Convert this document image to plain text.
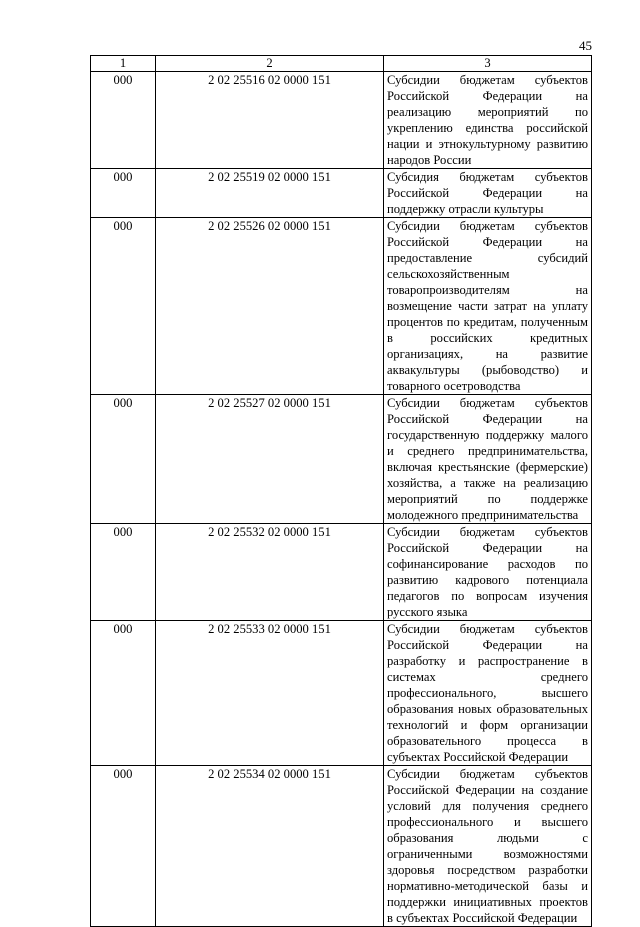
45
1	2	3
000	2 02 25516 02 0000 151	Субсидии бюджетам субъектов Российской Федерации на реализацию мероприятий по укреплению единства российской нации и этнокультурному развитию народов России
000	2 02 25519 02 0000 151	Субсидия бюджетам субъектов Российской Федерации на поддержку отрасли культуры
000	2 02 25526 02 0000 151	Субсидии бюджетам субъектов Российской Федерации на предоставление субсидий сельскохозяйственным товаропроизводителям на возмещение части затрат на уплату процентов по кредитам, полученным в российских кредитных организациях, на развитие аквакультуры (рыбоводство) и товарного осетроводства
000	2 02 25527 02 0000 151	Субсидии бюджетам субъектов Российской Федерации на государственную поддержку малого и среднего предпринимательства, включая крестьянские (фермерские) хозяйства, а также на реализацию мероприятий по поддержке молодежного предпринимательства
000	2 02 25532 02 0000 151	Субсидии бюджетам субъектов Российской Федерации на софинансирование расходов по развитию кадрового потенциала педагогов по вопросам изучения русского языка
000	2 02 25533 02 0000 151	Субсидии бюджетам субъектов Российской Федерации на разработку и распространение в системах среднего профессионального, высшего образования новых образовательных технологий и форм организации образовательного процесса в субъектах Российской Федерации
000	2 02 25534 02 0000 151	Субсидии бюджетам субъектов Российской Федерации на создание условий для получения среднего профессионального и высшего образования людьми с ограниченными возможностями здоровья посредством разработки нормативно-методической базы и поддержки инициативных проектов в субъектах Российской Федерации
